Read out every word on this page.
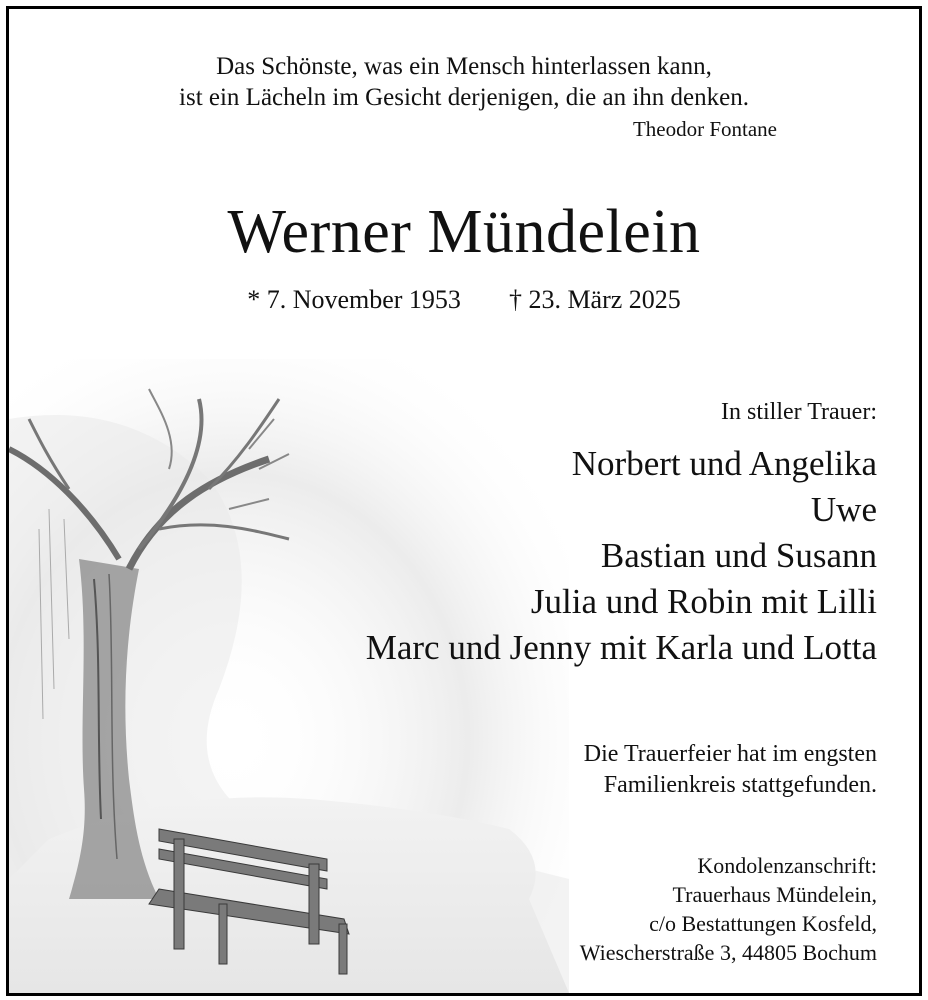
Das Schönste, was ein Mensch hinterlassen kann,
ist ein Lächeln im Gesicht derjenigen, die an ihn denken.
Theodor Fontane
Werner Mündelein
* 7. November 1953 † 23. März 2025
In stiller Trauer:
Norbert und Angelika
Uwe
Bastian und Susann
Julia und Robin mit Lilli
Marc und Jenny mit Karla und Lotta
Die Trauerfeier hat im engsten
Familienkreis stattgefunden.
Kondolenzanschrift:
Trauerhaus Mündelein,
c/o Bestattungen Kosfeld,
Wiescherstraße 3, 44805 Bochum
